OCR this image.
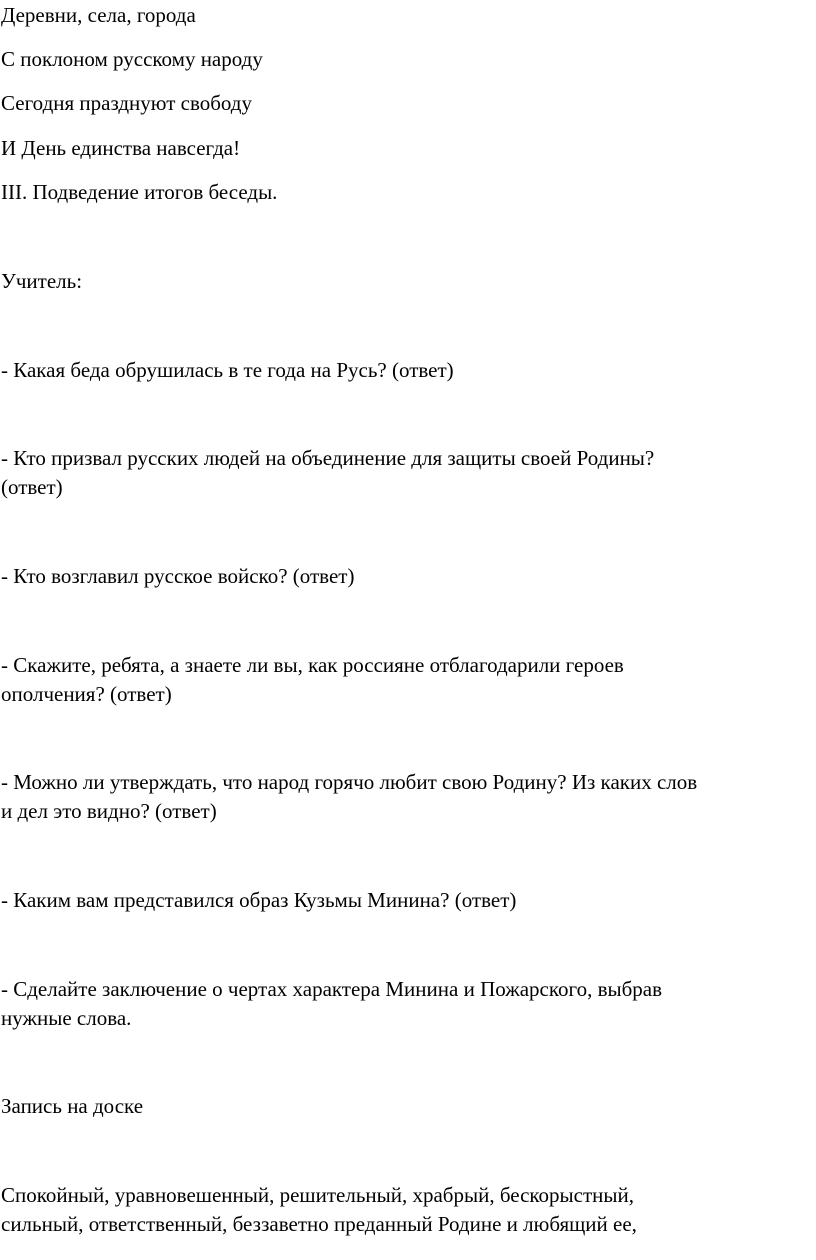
Деревни, села, города
С поклоном русскому народу
Сегодня празднуют свободу
И День единства навсегда!
III. Подведение итогов беседы.
Учитель:
- Какая беда обрушилась в те года на Русь? (ответ)
- Кто призвал русских людей на объединение для защиты своей Родины?
(ответ)
- Кто возглавил русское войско? (ответ)
- Скажите, ребята, а знаете ли вы, как россияне отблагодарили героев
ополчения? (ответ)
- Можно ли утверждать, что народ горячо любит свою Родину? Из каких слов
и дел это видно? (ответ)
- Каким вам представился образ Кузьмы Минина? (ответ)
- Сделайте заключение о чертах характера Минина и Пожарского, выбрав
нужные слова.
Запись на доске
Спокойный, уравновешенный, решительный, храбрый, бескорыстный,
сильный, ответственный, беззаветно преданный Родине и любящий ее,
